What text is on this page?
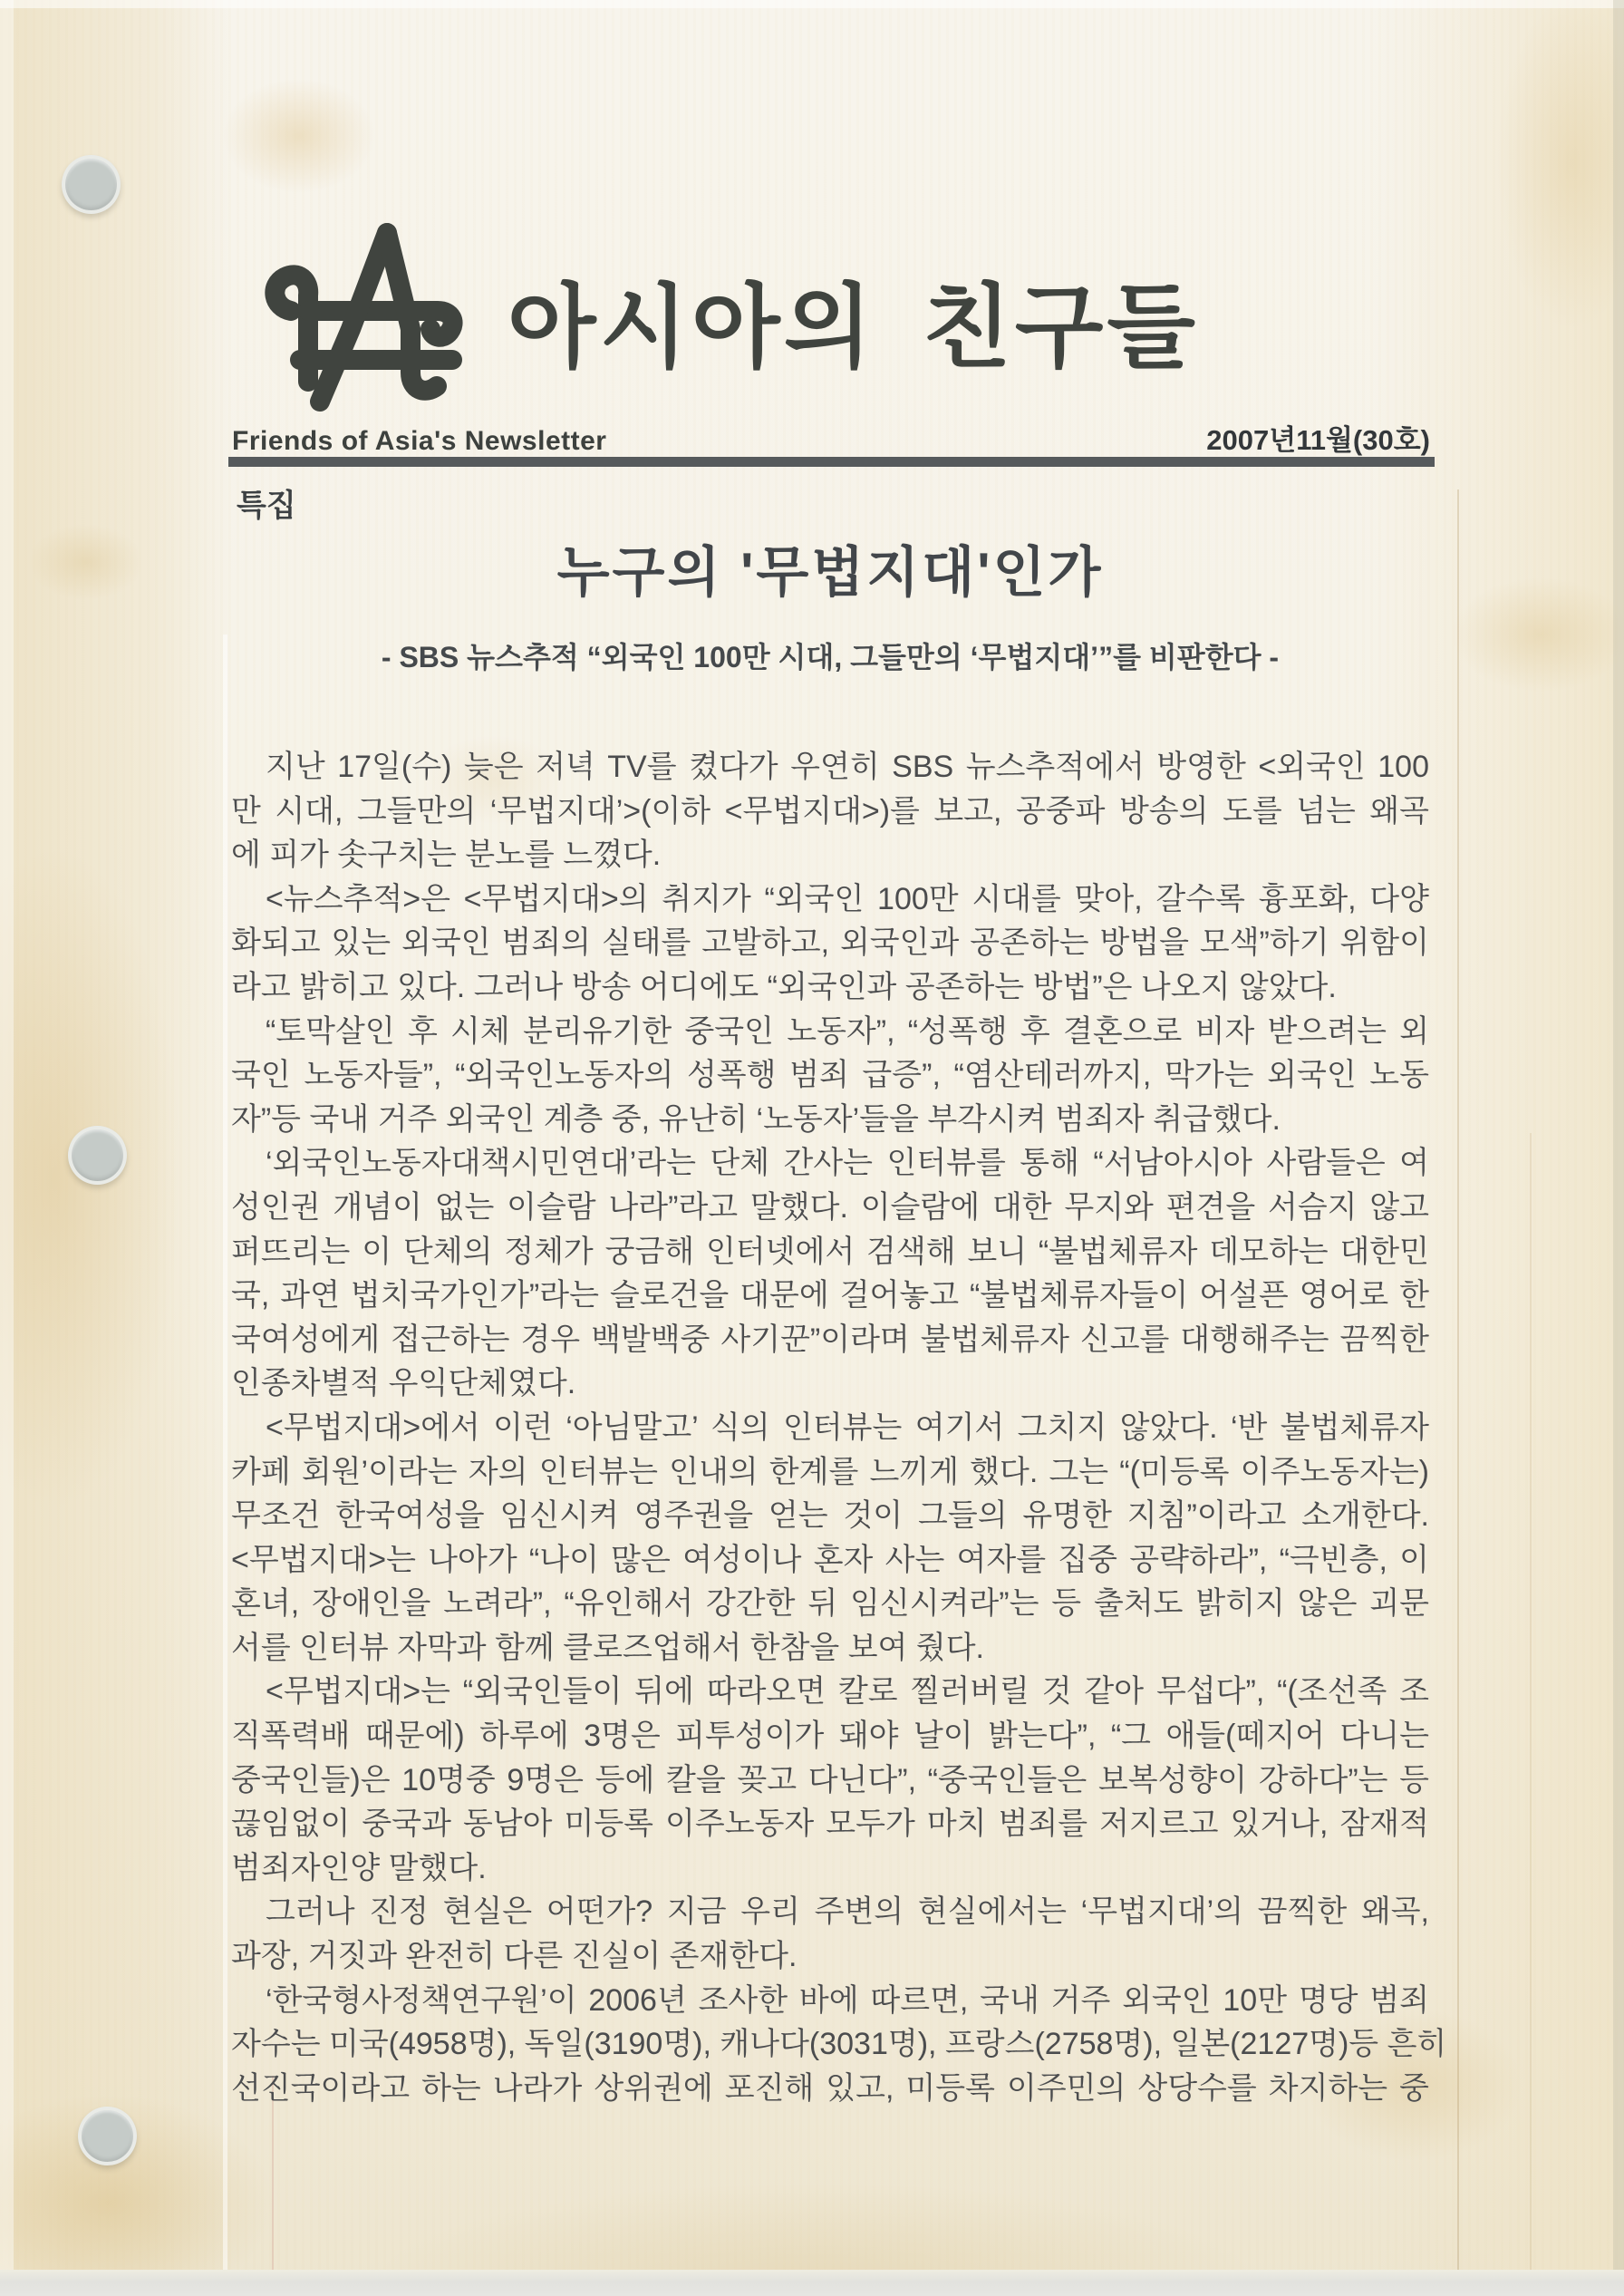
아시아의 친구들
Friends of Asia's Newsletter	2007년11월(30호)
특집
누구의 '무법지대'인가
- SBS 뉴스추적 “외국인 100만 시대, 그들만의 ‘무법지대’”를 비판한다 -
지난 17일(수) 늦은 저녁 TV를 켰다가 우연히 SBS 뉴스추적에서 방영한 <외국인 100
만 시대, 그들만의 ‘무법지대’>(이하 <무법지대>)를 보고, 공중파 방송의 도를 넘는 왜곡
에 피가 솟구치는 분노를 느꼈다.
<뉴스추적>은 <무법지대>의 취지가 “외국인 100만 시대를 맞아, 갈수록 흉포화, 다양
화되고 있는 외국인 범죄의 실태를 고발하고, 외국인과 공존하는 방법을 모색”하기 위함이
라고 밝히고 있다. 그러나 방송 어디에도 “외국인과 공존하는 방법”은 나오지 않았다.
“토막살인 후 시체 분리유기한 중국인 노동자”, “성폭행 후 결혼으로 비자 받으려는 외
국인 노동자들”, “외국인노동자의 성폭행 범죄 급증”, “염산테러까지, 막가는 외국인 노동
자”등 국내 거주 외국인 계층 중, 유난히 ‘노동자’들을 부각시켜 범죄자 취급했다.
‘외국인노동자대책시민연대’라는 단체 간사는 인터뷰를 통해 “서남아시아 사람들은 여
성인권 개념이 없는 이슬람 나라”라고 말했다. 이슬람에 대한 무지와 편견을 서슴지 않고
퍼뜨리는 이 단체의 정체가 궁금해 인터넷에서 검색해 보니 “불법체류자 데모하는 대한민
국, 과연 법치국가인가”라는 슬로건을 대문에 걸어놓고 “불법체류자들이 어설픈 영어로 한
국여성에게 접근하는 경우 백발백중 사기꾼”이라며 불법체류자 신고를 대행해주는 끔찍한
인종차별적 우익단체였다.
<무법지대>에서 이런 ‘아님말고’ 식의 인터뷰는 여기서 그치지 않았다. ‘반 불법체류자
카페 회원’이라는 자의 인터뷰는 인내의 한계를 느끼게 했다. 그는 “(미등록 이주노동자는)
무조건 한국여성을 임신시켜 영주권을 얻는 것이 그들의 유명한 지침”이라고 소개한다.
<무법지대>는 나아가 “나이 많은 여성이나 혼자 사는 여자를 집중 공략하라”, “극빈층, 이
혼녀, 장애인을 노려라”, “유인해서 강간한 뒤 임신시켜라”는 등 출처도 밝히지 않은 괴문
서를 인터뷰 자막과 함께 클로즈업해서 한참을 보여 줬다.
<무법지대>는 “외국인들이 뒤에 따라오면 칼로 찔러버릴 것 같아 무섭다”, “(조선족 조
직폭력배 때문에) 하루에 3명은 피투성이가 돼야 날이 밝는다”, “그 애들(떼지어 다니는
중국인들)은 10명중 9명은 등에 칼을 꽂고 다닌다”, “중국인들은 보복성향이 강하다”는 등
끊임없이 중국과 동남아 미등록 이주노동자 모두가 마치 범죄를 저지르고 있거나, 잠재적
범죄자인양 말했다.
그러나 진정 현실은 어떤가? 지금 우리 주변의 현실에서는 ‘무법지대’의 끔찍한 왜곡,
과장, 거짓과 완전히 다른 진실이 존재한다.
‘한국형사정책연구원’이 2006년 조사한 바에 따르면, 국내 거주 외국인 10만 명당 범죄
자수는 미국(4958명), 독일(3190명), 캐나다(3031명), 프랑스(2758명), 일본(2127명)등 흔히
선진국이라고 하는 나라가 상위권에 포진해 있고, 미등록 이주민의 상당수를 차지하는 중
